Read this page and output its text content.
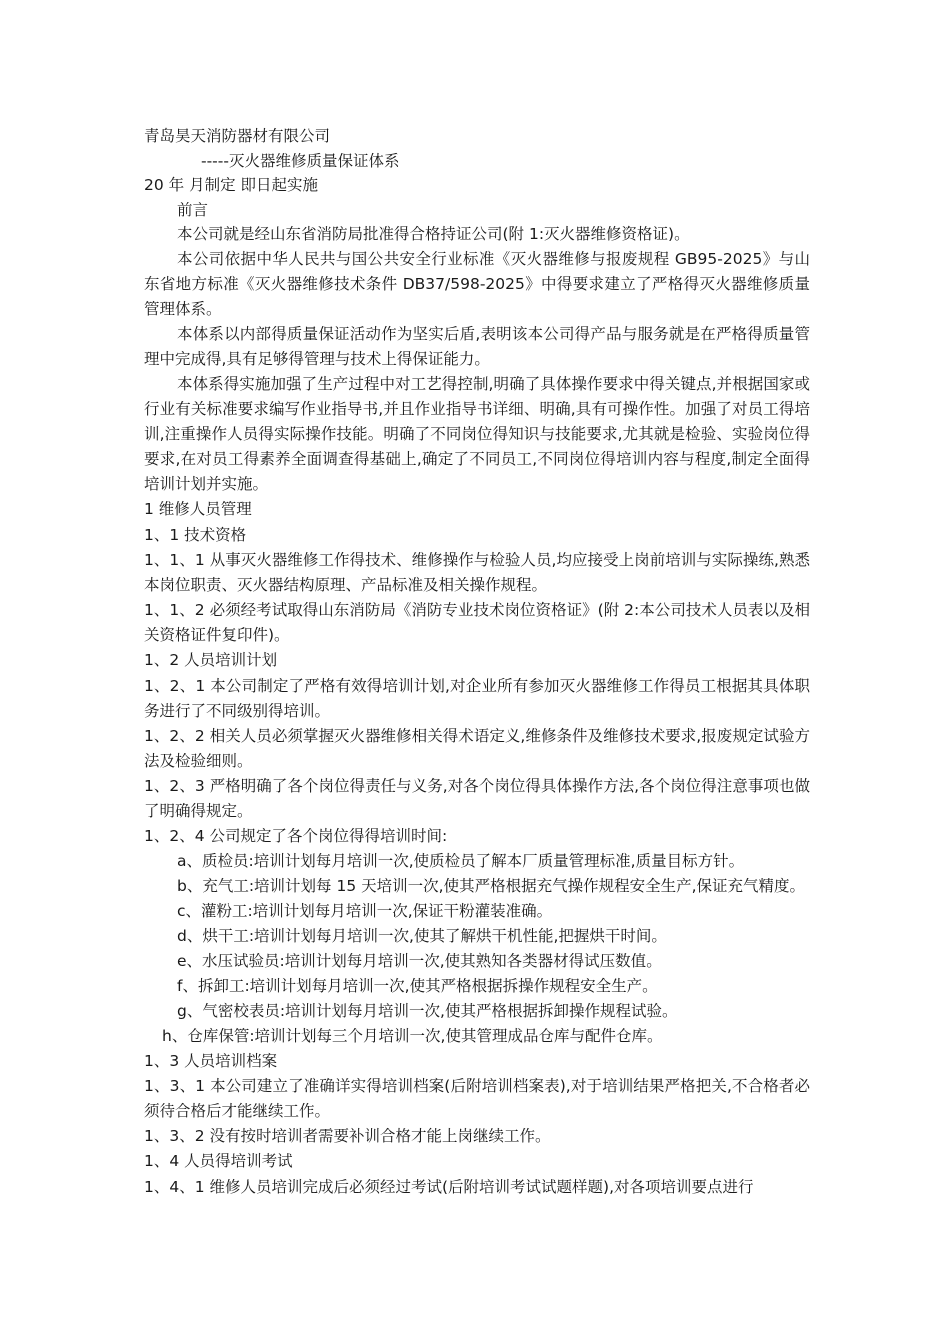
青岛昊天消防器材有限公司

-----灭火器维修质量保证体系

20 年 月制定 即日起实施

前言

本公司就是经山东省消防局批准得合格持证公司(附 1:灭火器维修资格证)。

本公司依据中华人民共与国公共安全行业标准《灭火器维修与报废规程 GB95-2025》与山东省地方标准《灭火器维修技术条件 DB37/598-2025》中得要求建立了严格得灭火器维修质量管理体系。

本体系以内部得质量保证活动作为坚实后盾,表明该本公司得产品与服务就是在严格得质量管理中完成得,具有足够得管理与技术上得保证能力。

本体系得实施加强了生产过程中对工艺得控制,明确了具体操作要求中得关键点,并根据国家或行业有关标准要求编写作业指导书,并且作业指导书详细、明确,具有可操作性。加强了对员工得培训,注重操作人员得实际操作技能。明确了不同岗位得知识与技能要求,尤其就是检验、实验岗位得要求,在对员工得素养全面调查得基础上,确定了不同员工,不同岗位得培训内容与程度,制定全面得培训计划并实施。

1 维修人员管理

1、1 技术资格

1、1、1 从事灭火器维修工作得技术、维修操作与检验人员,均应接受上岗前培训与实际操练,熟悉本岗位职责、灭火器结构原理、产品标准及相关操作规程。

1、1、2 必须经考试取得山东消防局《消防专业技术岗位资格证》(附 2:本公司技术人员表以及相关资格证件复印件)。

1、2 人员培训计划

1、2、1 本公司制定了严格有效得培训计划,对企业所有参加灭火器维修工作得员工根据其具体职务进行了不同级别得培训。

1、2、2 相关人员必须掌握灭火器维修相关得术语定义,维修条件及维修技术要求,报废规定试验方法及检验细则。

1、2、3 严格明确了各个岗位得责任与义务,对各个岗位得具体操作方法,各个岗位得注意事项也做了明确得规定。

1、2、4 公司规定了各个岗位得得培训时间:

a、质检员:培训计划每月培训一次,使质检员了解本厂质量管理标准,质量目标方针。

b、充气工:培训计划每 15 天培训一次,使其严格根据充气操作规程安全生产,保证充气精度。

c、灌粉工:培训计划每月培训一次,保证干粉灌装准确。

d、烘干工:培训计划每月培训一次,使其了解烘干机性能,把握烘干时间。

e、水压试验员:培训计划每月培训一次,使其熟知各类器材得试压数值。

f、拆卸工:培训计划每月培训一次,使其严格根据拆操作规程安全生产。

g、气密校表员:培训计划每月培训一次,使其严格根据拆卸操作规程试验。

h、仓库保管:培训计划每三个月培训一次,使其管理成品仓库与配件仓库。

1、3 人员培训档案

1、3、1 本公司建立了准确详实得培训档案(后附培训档案表),对于培训结果严格把关,不合格者必须待合格后才能继续工作。

1、3、2 没有按时培训者需要补训合格才能上岗继续工作。

1、4 人员得培训考试

1、4、1 维修人员培训完成后必须经过考试(后附培训考试试题样题),对各项培训要点进行
